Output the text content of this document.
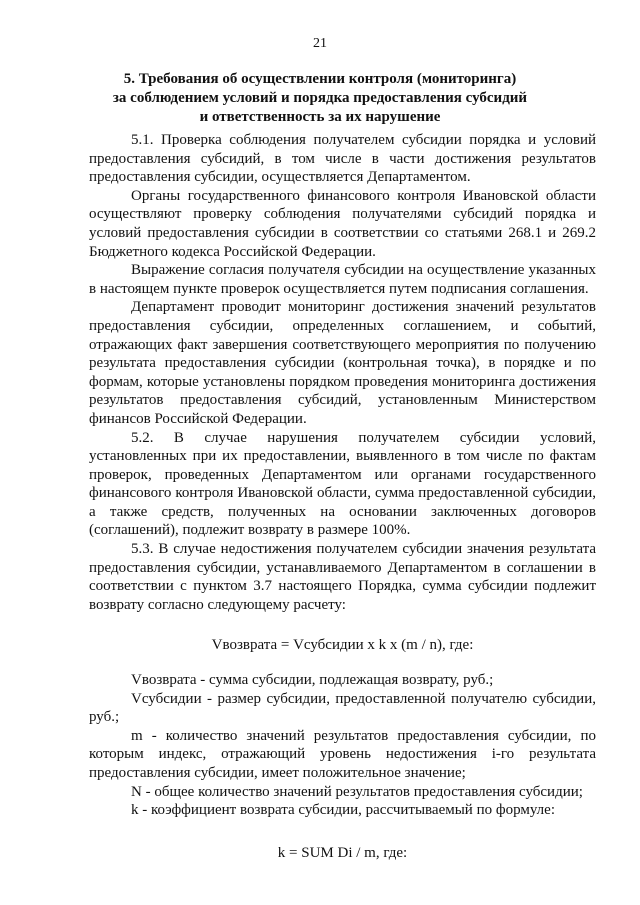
21
5. Требования об осуществлении контроля (мониторинга)
за соблюдением условий и порядка предоставления субсидий
и ответственность за их нарушение

5.1. Проверка соблюдения получателем субсидии порядка и условий предоставления субсидий, в том числе в части достижения результатов предоставления субсидии, осуществляется Департаментом.

Органы государственного финансового контроля Ивановской области осуществляют проверку соблюдения получателями субсидий порядка и условий предоставления субсидии в соответствии со статьями 268.1 и 269.2 Бюджетного кодекса Российской Федерации.

Выражение согласия получателя субсидии на осуществление указанных в настоящем пункте проверок осуществляется путем подписания соглашения.

Департамент проводит мониторинг достижения значений результатов предоставления субсидии, определенных соглашением, и событий, отражающих факт завершения соответствующего мероприятия по получению результата предоставления субсидии (контрольная точка), в порядке и по формам, которые установлены порядком проведения мониторинга достижения результатов предоставления субсидий, установленным Министерством финансов Российской Федерации.

5.2. В случае нарушения получателем субсидии условий, установленных при их предоставлении, выявленного в том числе по фактам проверок, проведенных Департаментом или органами государственного финансового контроля Ивановской области, сумма предоставленной субсидии, а также средств, полученных на основании заключенных договоров (соглашений), подлежит возврату в размере 100%.

5.3. В случае недостижения получателем субсидии значения результата предоставления субсидии, устанавливаемого Департаментом в соглашении в соответствии с пунктом 3.7 настоящего Порядка, сумма субсидии подлежит возврату согласно следующему расчету:

Vвозврата = Vсубсидии x k x (m / n), где:

Vвозврата - сумма субсидии, подлежащая возврату, руб.;

Vсубсидии - размер субсидии, предоставленной получателю субсидии, руб.;

m - количество значений результатов предоставления субсидии, по которым индекс, отражающий уровень недостижения i-го результата предоставления субсидии, имеет положительное значение;

N - общее количество значений результатов предоставления субсидии;

k - коэффициент возврата субсидии, рассчитываемый по формуле:

k = SUM Di / m, где:
